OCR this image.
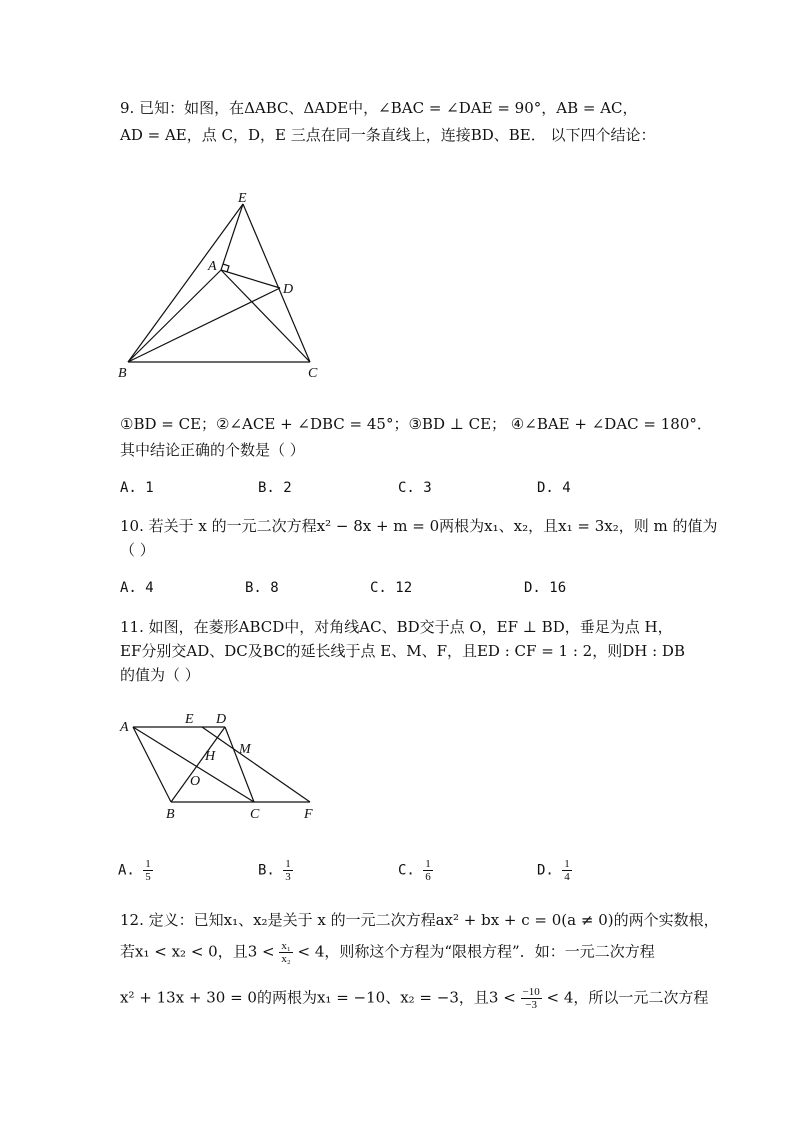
9. 已知：如图，在ΔABC、ΔADE中，∠BAC = ∠DAE = 90°，AB = AC，
AD = AE，点 C，D，E 三点在同一条直线上，连接BD、BE． 以下四个结论：
E
A
D
B	C
①BD = CE；②∠ACE + ∠DBC = 45°；③BD ⊥ CE； ④∠BAE + ∠DAC = 180°．
其中结论正确的个数是（ ）
A. 1	B. 2	C. 3	D. 4
10. 若关于 x 的一元二次方程x² − 8x + m = 0两根为x₁、x₂，且x₁ = 3x₂，则 m 的值为
（ ）
A. 4	B. 8	C. 12	D. 16
11. 如图，在菱形ABCD中，对角线AC、BD交于点 O，EF ⊥ BD，垂足为点 H，
EF分别交AD、DC及BC的延长线于点 E、M、F，且ED : CF = 1 : 2，则DH : DB
的值为（ ）
A
E D
M
H
O
B	C	F
A. $\frac{1}{5}$	B. $\frac{1}{3}$	C. $\frac{1}{6}$	D. $\frac{1}{4}$
12. 定义：已知x₁、x₂是关于 x 的一元二次方程ax² + bx + c = 0(a ≠ 0)的两个实数根，
若x₁ < x₂ < 0，且$3 < \frac{\text{x₁}}{\text{x₂}} < 4$，则称这个方程为“限根方程”．如：一元二次方程
x² + 13x + 30 = 0的两根为x₁ = −10、x₂ = −3，且$3 < \frac{-10}{-3} < 4$，所以一元二次方程
